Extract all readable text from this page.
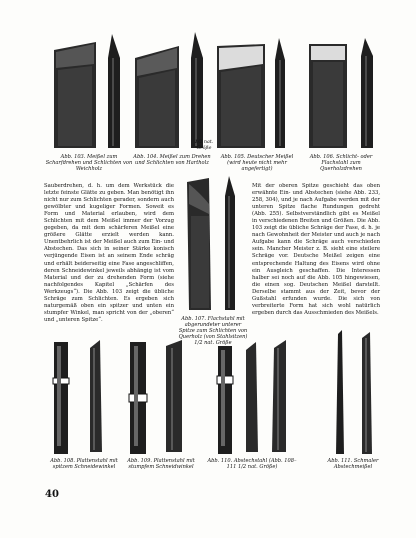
Abb. 103. Meißel zum Scharfdrehen und Schlichten von Weichholz
Abb. 104. Meißel zum Drehen und Schlichten von Hartholz
1/2 nat. Größe
Abb. 105. Deutscher Meißel (wird heute nicht mehr angefertigt)
Abb. 106. Schlicht- oder Flachstahl zum Querholzdrehen

Sauberdrehen, d. h. um dem Werkstück die letzte feinste Glätte zu geben. Man benötigt ihn nicht nur zum Schlichten gerader, sondern auch gewölbter und kugeliger Formen. Soweit es Form und Material erlauben, wird dem Schlichten mit dem Meißel immer der Vorzug gegeben, da mit dem schärferen Meißel eine größere Glätte erzielt werden kann. Unentbehrlich ist der Meißel auch zum Ein- und Abstechen. Das sich in seiner Stärke konisch verjüngende Eisen ist an seinem Ende schräg und erhält beiderseitig eine Fase angeschliffen, deren Schneidewinkel jeweils abhängig ist vom Material und der zu drehenden Form (siehe nachfolgendes Kapitel „Schärfen des Werkzeugs“). Die Abb. 103 zeigt die übliche Schräge zum Schlichten. Es ergeben sich naturgemäß oben ein spitzer und unten ein stumpfer Winkel, man spricht von der „oberen“ und „unteren Spitze“.	Abb. 107. Flachstahl mit abgerundeter unterer Spitze zum Schlichten von Querholz (von Stahlsitzen) 1/2 nat. Größe

Mit der oberen Spitze geschieht das oben erwähnte Ein- und Abstechen (siehe Abb. 233, 258, 304), und je nach Aufgabe werden mit der unteren Spitze flache Rundungen gedreht (Abb. 255). Selbstverständlich gibt es Meißel in verschiedenen Breiten und Größen. Die Abb. 103 zeigt die übliche Schräge der Fase, d. h. je nach Gewohnheit der Meister und auch je nach Aufgabe kann die Schräge auch verschieden sein. Mancher Meister z. B. sieht eine steilere Schräge vor. Deutsche Meißel zeigen eine entsprechende Haltung des Eisens wird ohne ein Ausgleich geschaffen. Die Interessen halber sei noch auf die Abb. 105 hingewiesen, die einen sog. Deutschen Meißel darstellt. Derselbe stammt aus der Zeit, bevor der Gußstahl erfunden wurde. Die sich von verbreiterte Form hat sich wohl natürlich ergeben durch das Ausschmieden des Meißels.

Abb. 108. Plattenstahl mit spitzem Schneidewinkel
Abb. 109. Plattenstahl mit stumpfem Schneidwinkel
Abb. 110. Abstechstahl (Abb. 108–111 1/2 nat. Größe)
Abb. 111. Schmaler Abstechmeißel
40
